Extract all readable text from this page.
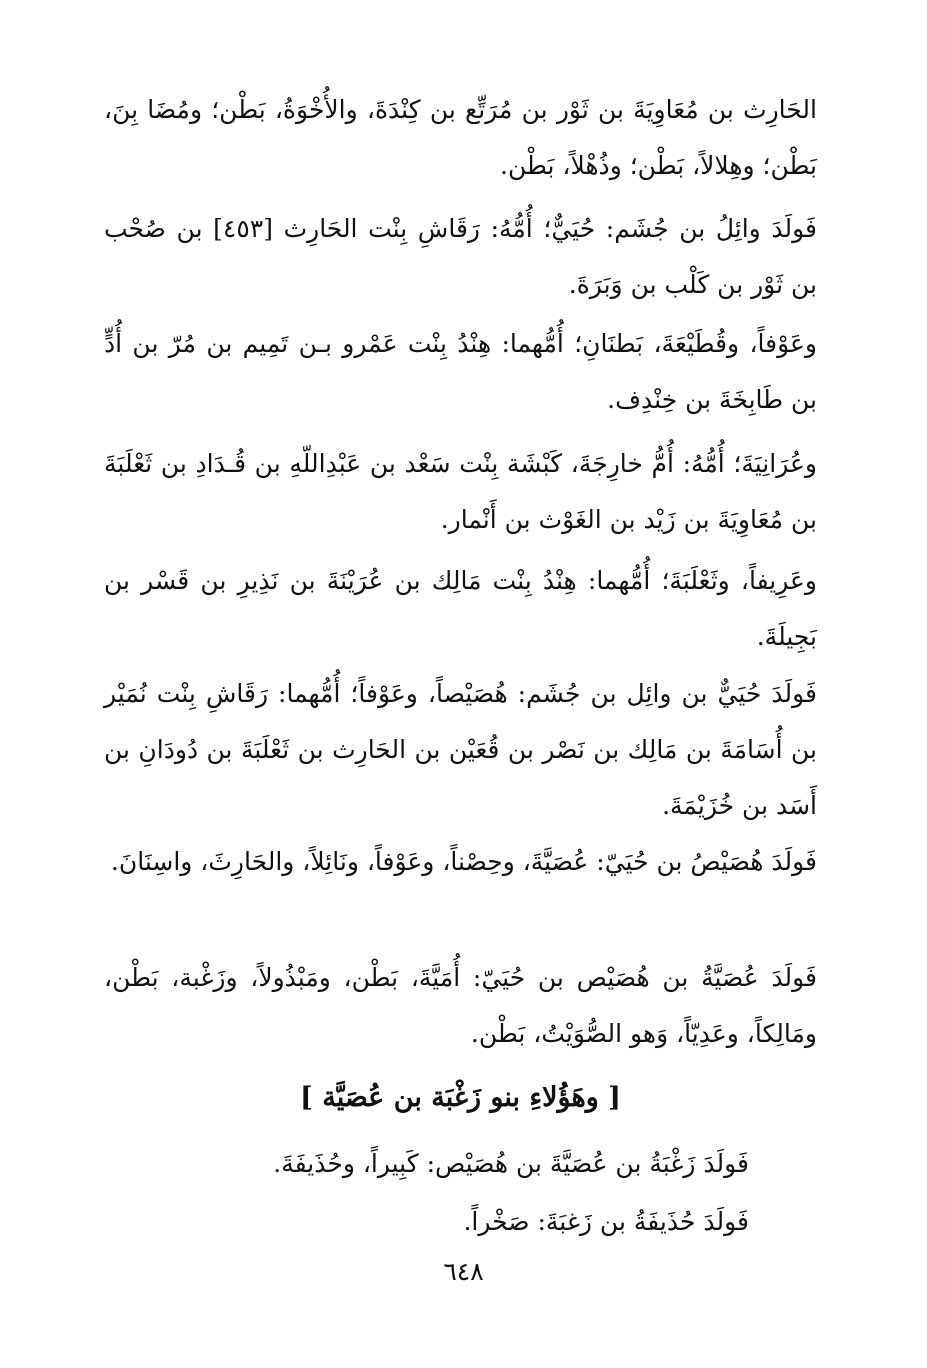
الحَارِث بن مُعَاوِيَةَ بن ثَوْر بن مُرَتِّع بن كِنْدَةَ، والأُخْوَةُ، بَطْن؛ ومُضَا بِنَ، بَطْن؛ وهِلالاً، بَطْن؛ وذُهْلاً، بَطْن.
فَولَدَ وائِلُ بن جُشَم: حُيَيٌّ؛ أُمُّهُ: رَقَاشِ بِنْت الحَارِث [٤٥٣] بن صُحْب بن ثَوْر بن كَلْب بن وَبَرَةَ.
وعَوْفاً، وقُطَيْعَةَ، بَطنَانِ؛ أُمُّهما: هِنْدُ بِنْت عَمْرو بـن تَمِيم بن مُرّ بن أُدٍّ بن طَابِخَةَ بن خِنْدِف.
وعُرَانِيَةَ؛ أُمُّهُ: أُمُّ خارِجَةَ، كَبْشَة بِنْت سَعْد بن عَبْدِاللّهِ بن قُـدَادِ بن ثَعْلَبَةَ بن مُعَاوِيَةَ بن زَيْد بن الغَوْث بن أَنْمار.
وعَرِيفاً، وثَعْلَبَةَ؛ أُمُّهما: هِنْدُ بِنْت مَالِك بن عُرَيْنَةَ بن نَذِيرِ بن قَسْر بن بَجِيلَةَ.
فَولَدَ حُيَيٌّ بن وائِل بن جُشَم: هُصَيْصاً، وعَوْفاً؛ أُمُّهما: رَقَاشِ بِنْت نُمَيْر بن أُسَامَةَ بن مَالِك بن نَصْر بن قُعَيْن بن الحَارِث بن ثَعْلَبَةَ بن دُودَانِ بن أَسَد بن خُزَيْمَةَ.
فَولَدَ هُصَيْصُ بن حُيَيّ: عُصَيَّةَ، وحِصْناً، وعَوْفاً، ونَائِلاً، والحَارِثَ، واسِنَانَ.
فَولَدَ عُصَيَّةُ بن هُصَيْص بن حُيَيّ: أُمَيَّةَ، بَطْن، ومَبْذُولاً، وزَغْبة، بَطْن، ومَالِكاً، وعَدِيّاً، وَهو الصُّوَيْتُ، بَطْن.
[ وهَؤُلاءِ بنو زَغْبَة بن عُصَيَّة ]
فَولَدَ زَغْبَةُ بن عُصَيَّةَ بن هُصَيْص: كَبِيراً، وحُذَيفَةَ.
فَولَدَ حُذَيفَةُ بن زَغبَةَ: صَخْراً.
٦٤٨
